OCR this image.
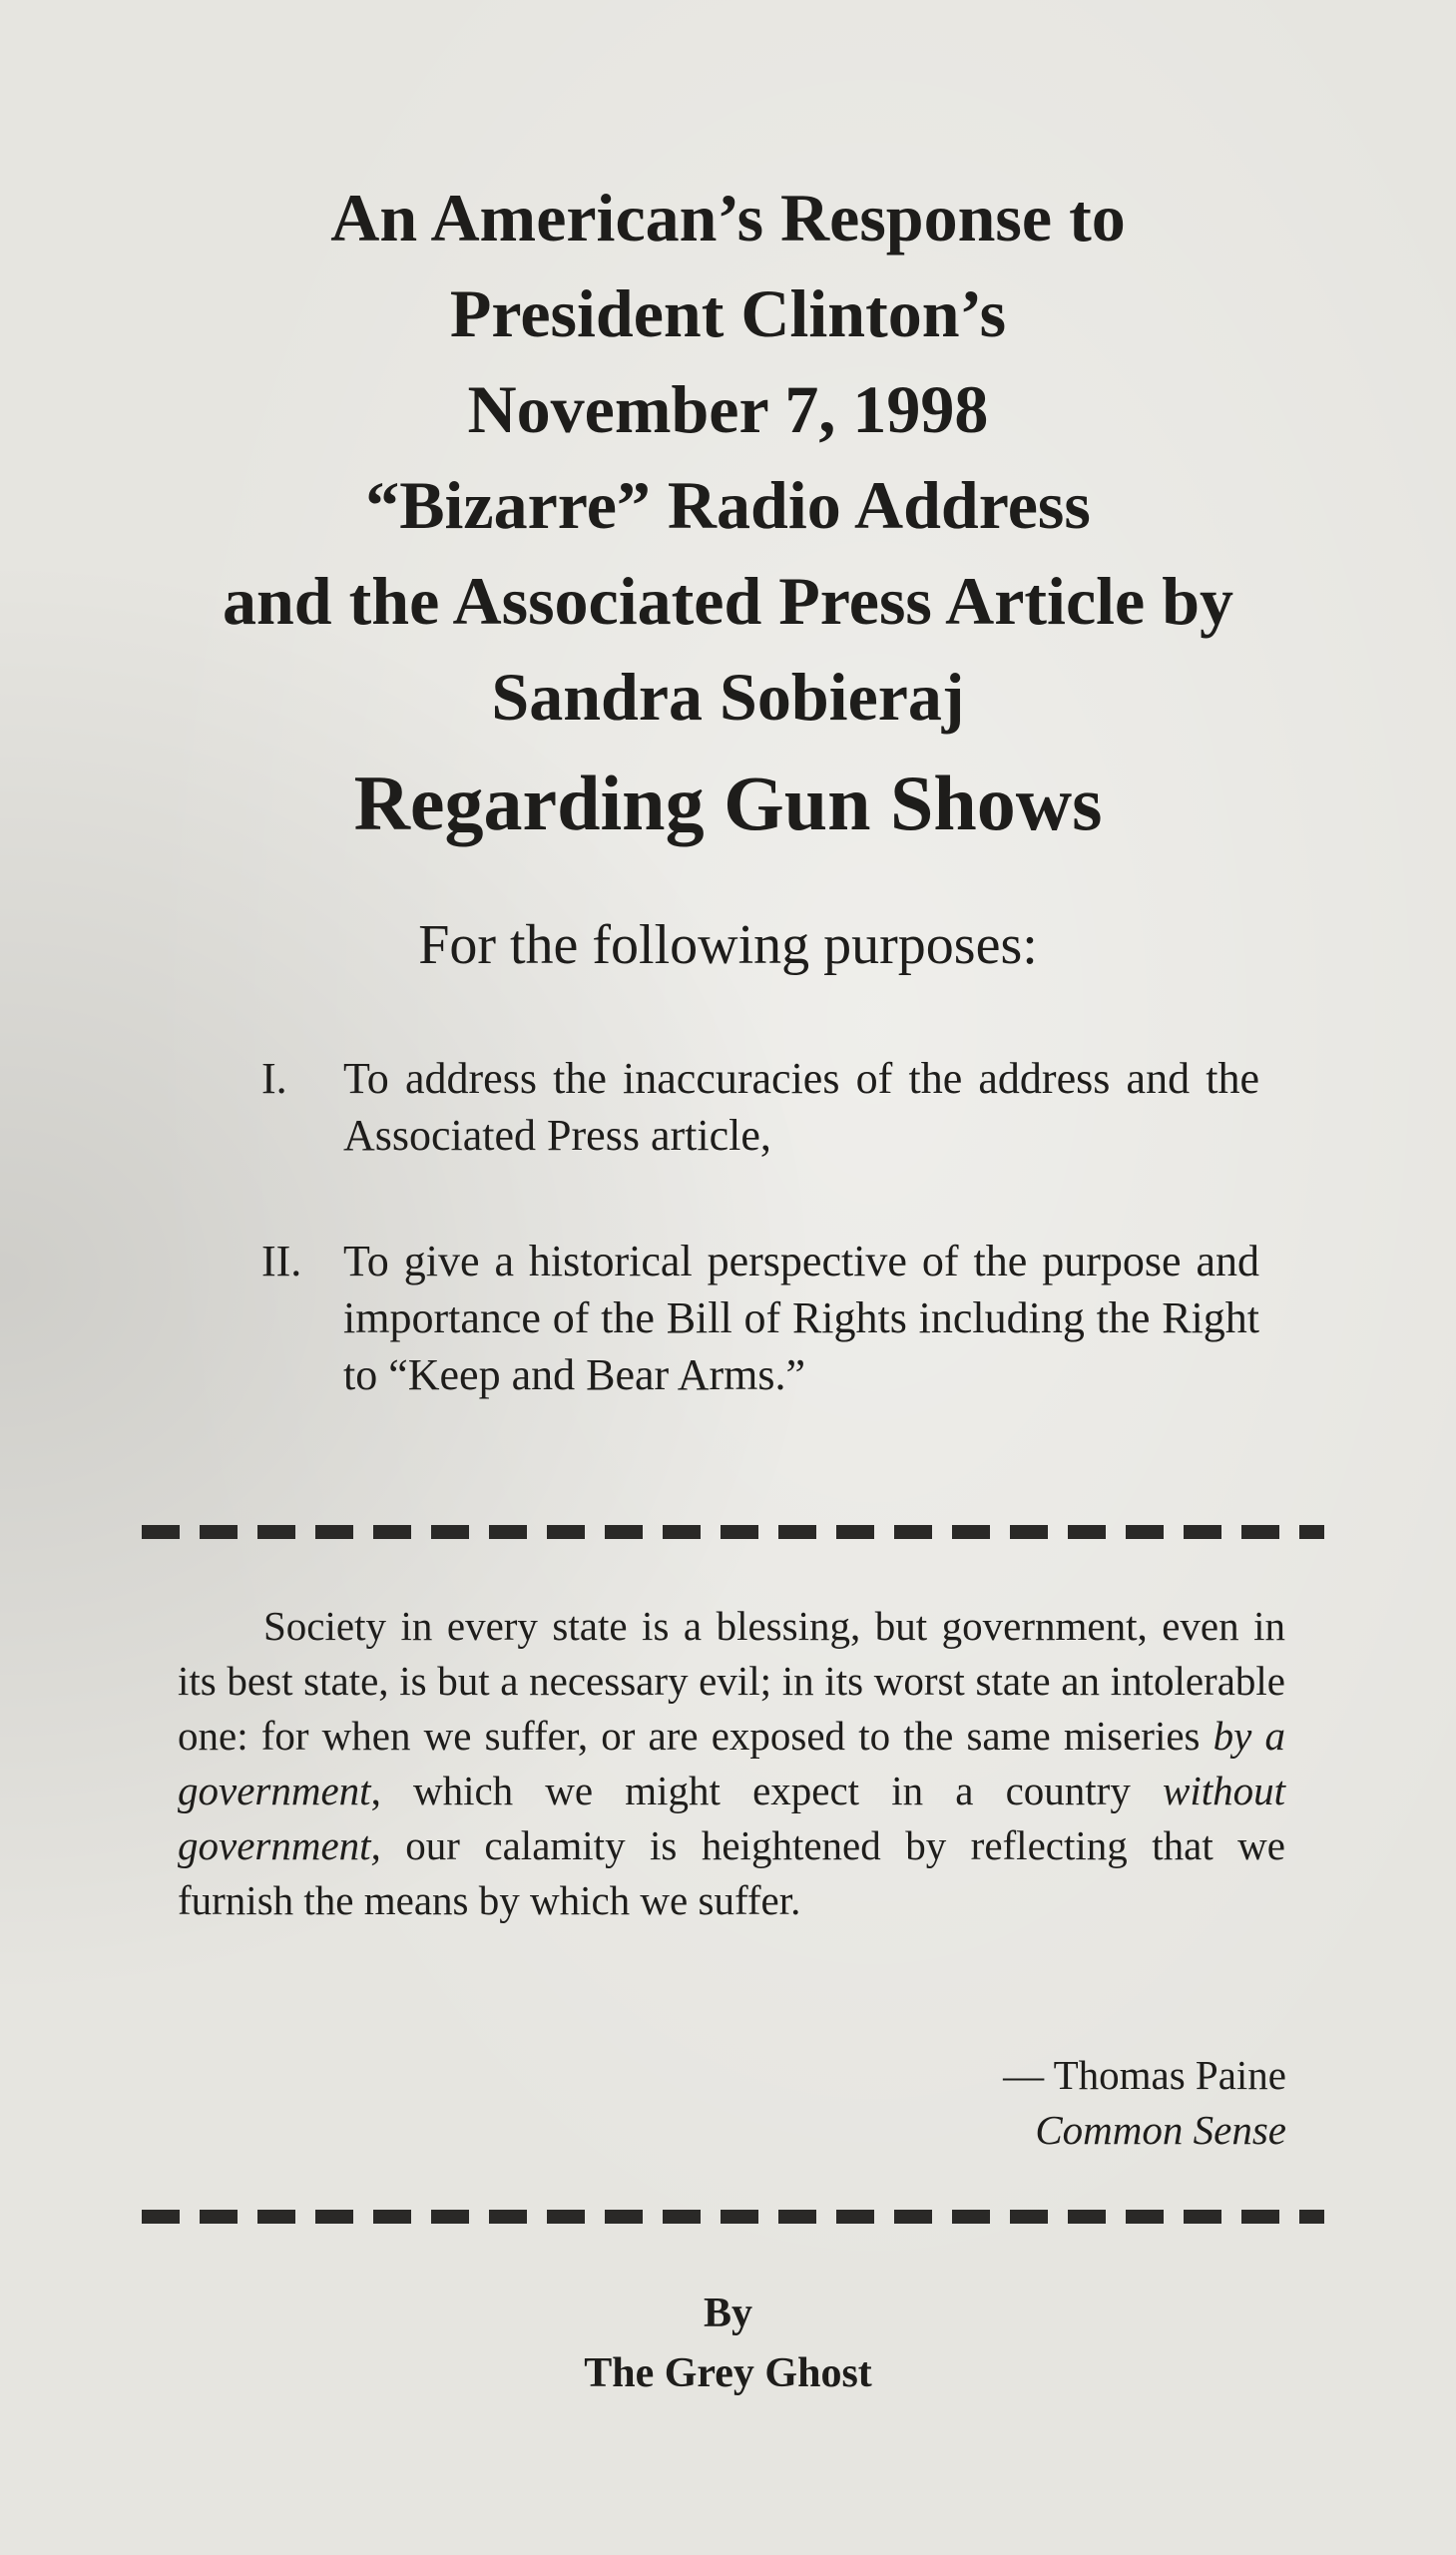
An American’s Response to
President Clinton’s
November 7, 1998
“Bizarre” Radio Address
and the Associated Press Article by
Sandra Sobieraj
Regarding Gun Shows
For the following purposes:
I. To address the inaccuracies of the address and the Associated Press article,
II. To give a historical perspective of the purpose and importance of the Bill of Rights including the Right to “Keep and Bear Arms.”
Society in every state is a blessing, but government, even in its best state, is but a necessary evil; in its worst state an intolerable one: for when we suffer, or are exposed to the same miseries by a government, which we might expect in a country without government, our calamity is heightened by reflecting that we furnish the means by which we suffer.
— Thomas Paine
Common Sense
By
The Grey Ghost
